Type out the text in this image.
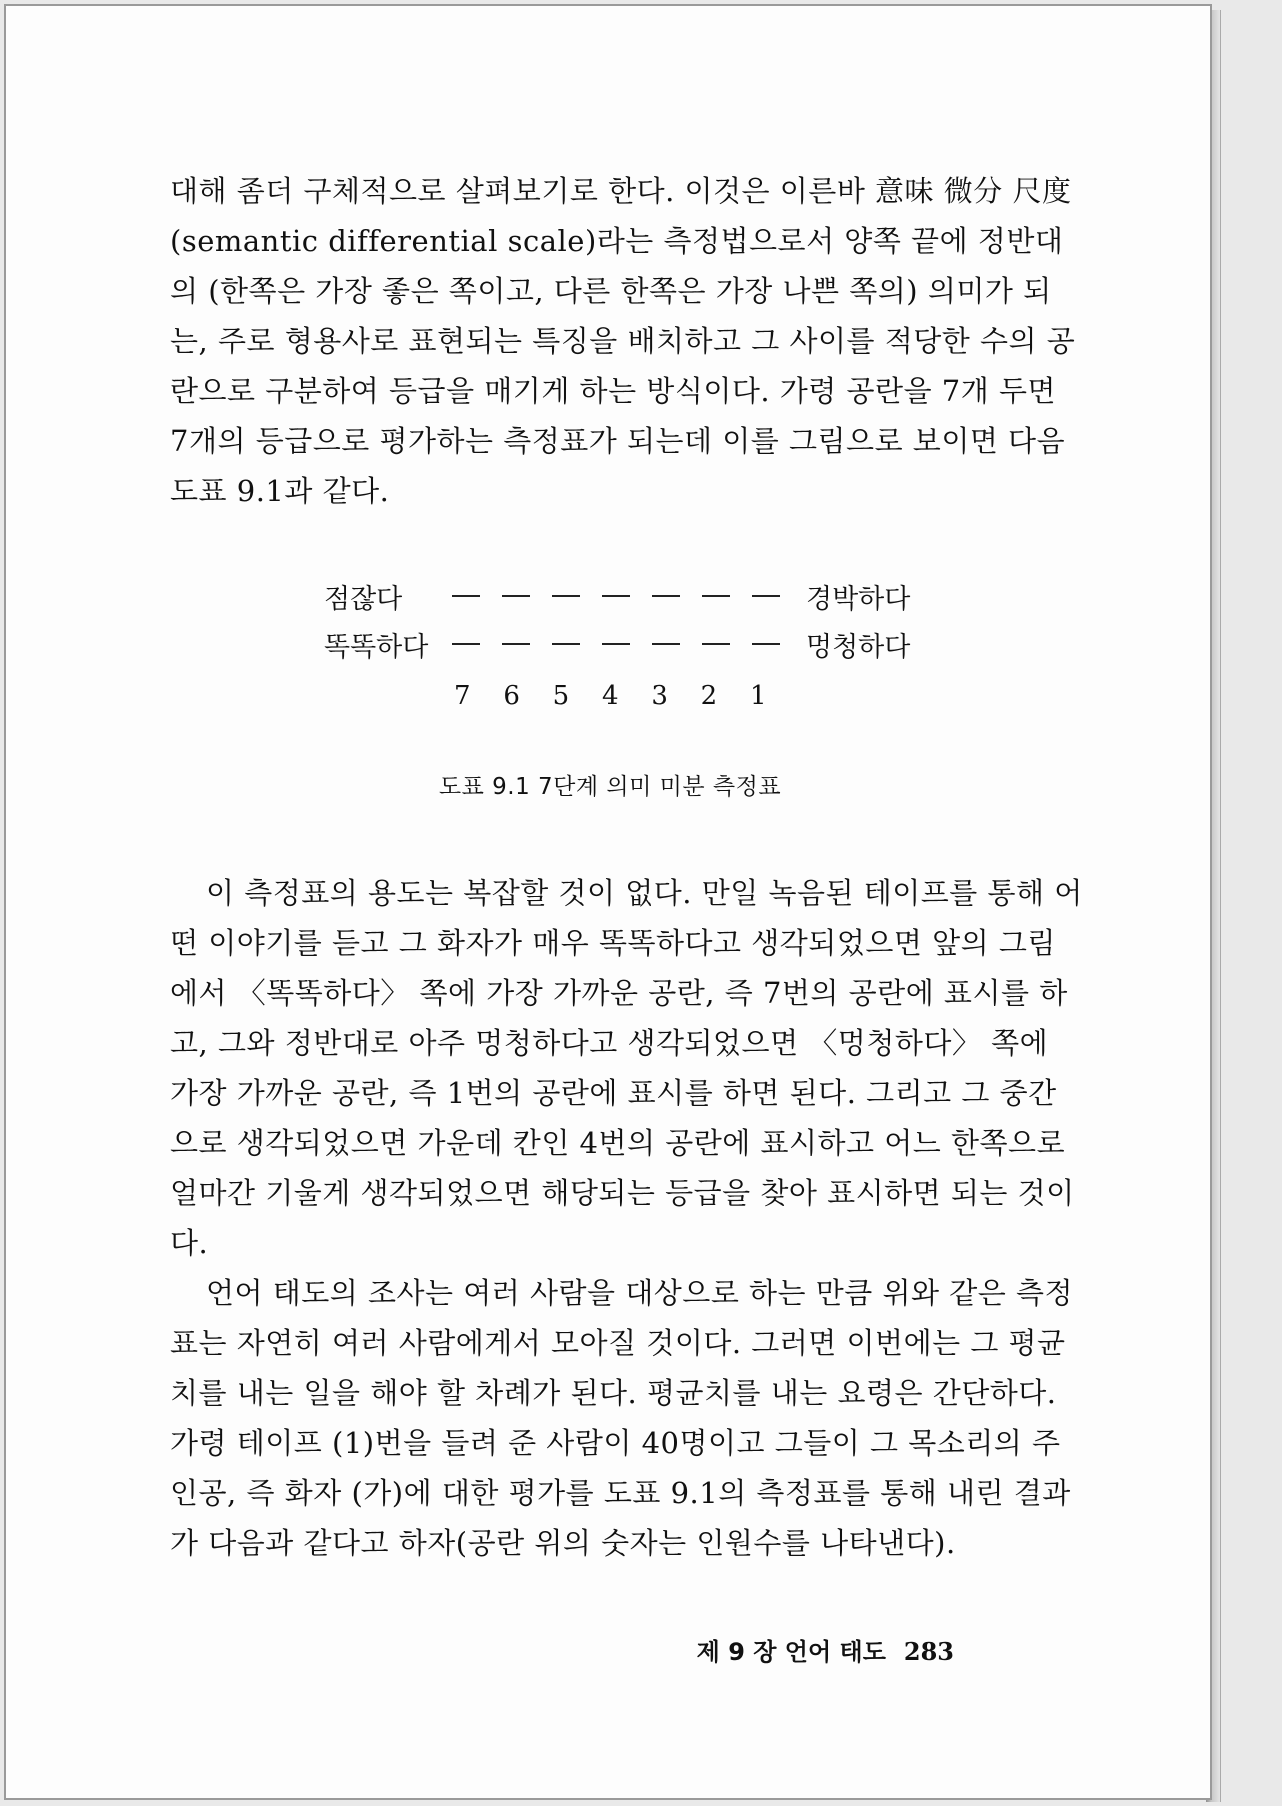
대해 좀더 구체적으로 살펴보기로 한다. 이것은 이른바 意味 微分 尺度(semantic differential scale)라는 측정법으로서 양쪽 끝에 정반대의 (한쪽은 가장 좋은 쪽이고, 다른 한쪽은 가장 나쁜 쪽의) 의미가 되는, 주로 형용사로 표현되는 특징을 배치하고 그 사이를 적당한 수의 공란으로 구분하여 등급을 매기게 하는 방식이다. 가령 공란을 7개 두면 7개의 등급으로 평가하는 측정표가 되는데 이를 그림으로 보이면 다음 도표 9.1과 같다.

점잖다	경박하다
똑똑하다	멍청하다
7	6	5	4	3	2	1
도표 9.1 7단계 의미 미분 측정표

이 측정표의 용도는 복잡할 것이 없다. 만일 녹음된 테이프를 통해 어떤 이야기를 듣고 그 화자가 매우 똑똑하다고 생각되었으면 앞의 그림에서 〈똑똑하다〉 쪽에 가장 가까운 공란, 즉 7번의 공란에 표시를 하고, 그와 정반대로 아주 멍청하다고 생각되었으면 〈멍청하다〉 쪽에 가장 가까운 공란, 즉 1번의 공란에 표시를 하면 된다. 그리고 그 중간으로 생각되었으면 가운데 칸인 4번의 공란에 표시하고 어느 한쪽으로 얼마간 기울게 생각되었으면 해당되는 등급을 찾아 표시하면 되는 것이다.

언어 태도의 조사는 여러 사람을 대상으로 하는 만큼 위와 같은 측정표는 자연히 여러 사람에게서 모아질 것이다. 그러면 이번에는 그 평균치를 내는 일을 해야 할 차례가 된다. 평균치를 내는 요령은 간단하다. 가령 테이프 (1)번을 들려 준 사람이 40명이고 그들이 그 목소리의 주인공, 즉 화자 (가)에 대한 평가를 도표 9.1의 측정표를 통해 내린 결과가 다음과 같다고 하자(공란 위의 숫자는 인원수를 나타낸다).

제 9 장 언어 태도 283
